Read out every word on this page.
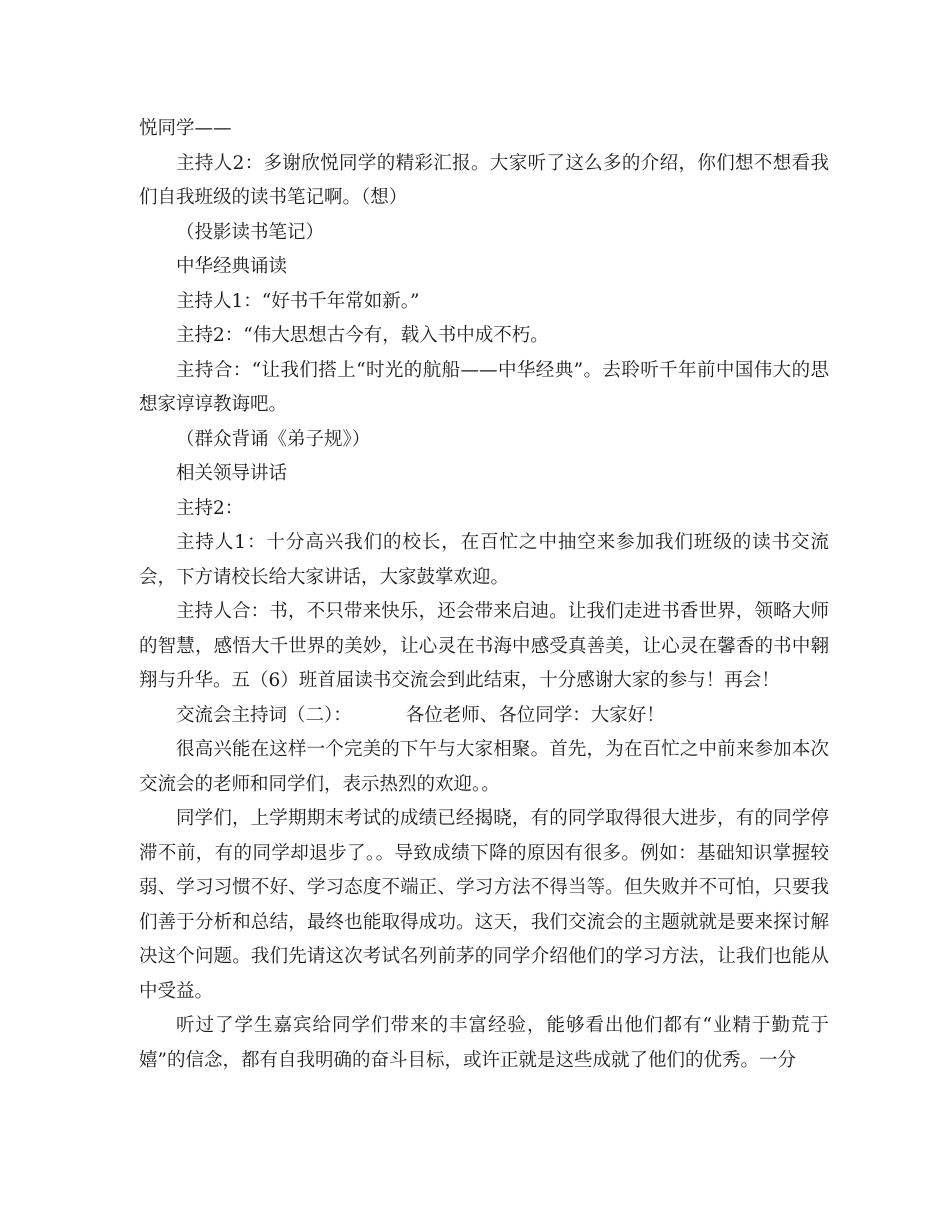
悦同学——

主持人2：多谢欣悦同学的精彩汇报。大家听了这么多的介绍，你们想不想看我们自我班级的读书笔记啊。（想）

（投影读书笔记）

中华经典诵读

主持人1：“好书千年常如新。”

主持2：“伟大思想古今有，载入书中成不朽。

主持合：“让我们搭上“时光的航船——中华经典”。去聆听千年前中国伟大的思想家谆谆教诲吧。

（群众背诵《弟子规》）

相关领导讲话

主持2：

主持人1：十分高兴我们的校长，在百忙之中抽空来参加我们班级的读书交流会，下方请校长给大家讲话，大家鼓掌欢迎。

主持人合：书，不只带来快乐，还会带来启迪。让我们走进书香世界，领略大师的智慧，感悟大千世界的美妙，让心灵在书海中感受真善美，让心灵在馨香的书中翱翔与升华。五（6）班首届读书交流会到此结束，十分感谢大家的参与！再会！

交流会主持词（二）：	各位老师、各位同学：大家好！

很高兴能在这样一个完美的下午与大家相聚。首先，为在百忙之中前来参加本次交流会的老师和同学们，表示热烈的欢迎。。

同学们，上学期期末考试的成绩已经揭晓，有的同学取得很大进步，有的同学停滞不前，有的同学却退步了。。导致成绩下降的原因有很多。例如：基础知识掌握较弱、学习习惯不好、学习态度不端正、学习方法不得当等。但失败并不可怕，只要我们善于分析和总结，最终也能取得成功。这天，我们交流会的主题就就是要来探讨解决这个问题。我们先请这次考试名列前茅的同学介绍他们的学习方法，让我们也能从中受益。

听过了学生嘉宾给同学们带来的丰富经验，能够看出他们都有“业精于勤荒于嬉”的信念，都有自我明确的奋斗目标，或许正就是这些成就了他们的优秀。一分
